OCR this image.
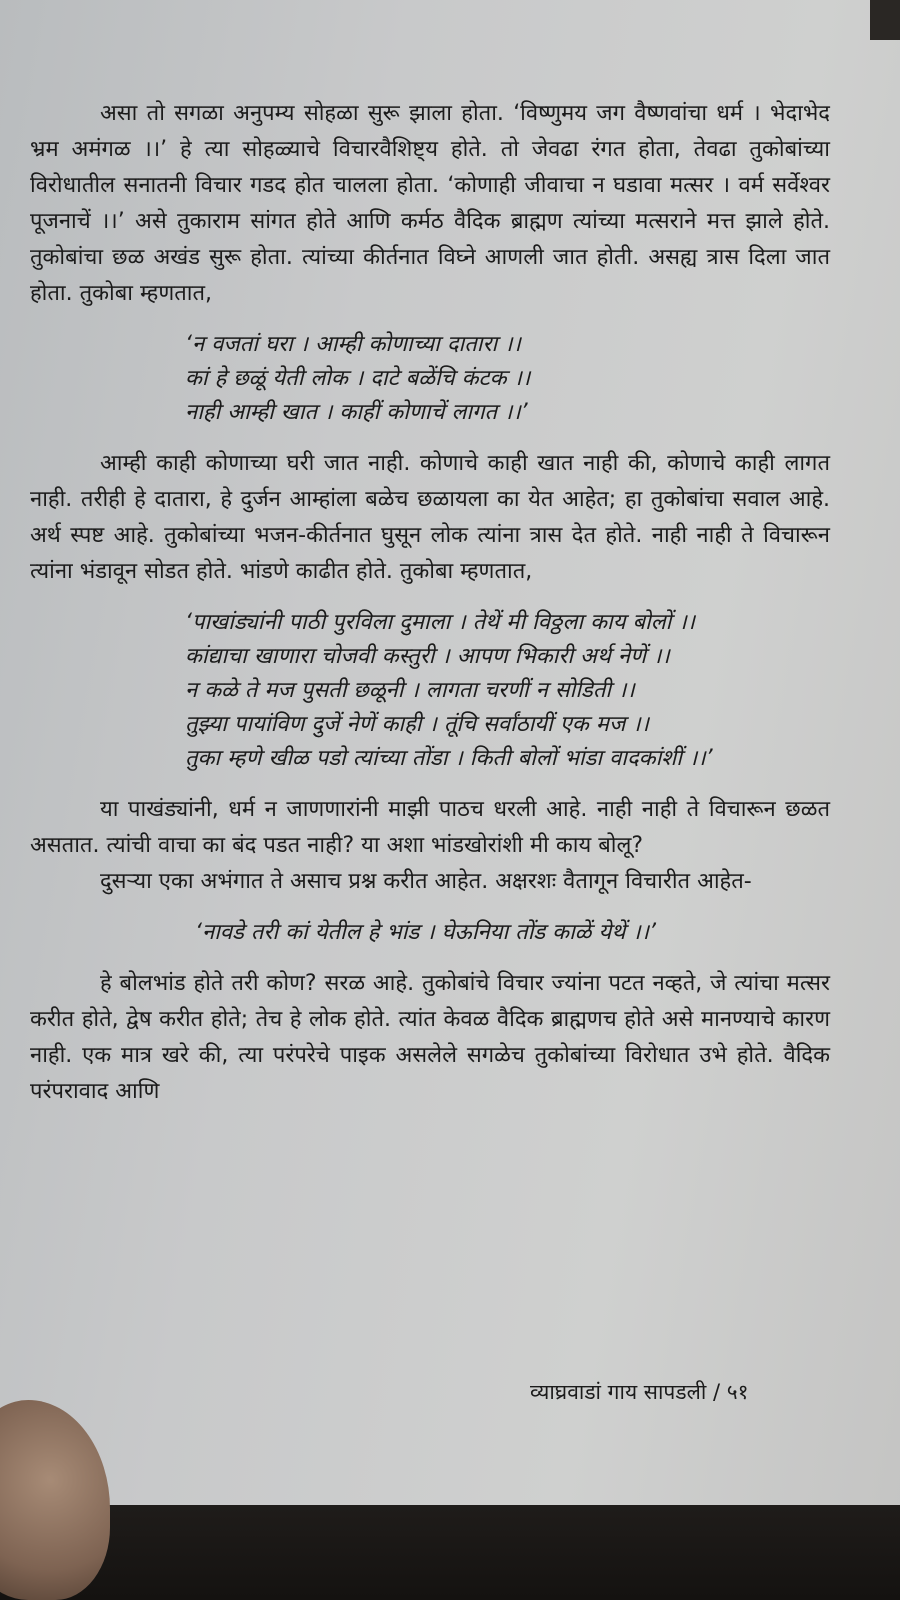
असा तो सगळा अनुपम्य सोहळा सुरू झाला होता. ‘विष्णुमय जग वैष्णवांचा धर्म । भेदाभेद भ्रम अमंगळ ।।’ हे त्या सोहळ्याचे विचारवैशिष्ट्य होते. तो जेवढा रंगत होता, तेवढा तुकोबांच्या विरोधातील सनातनी विचार गडद होत चालला होता. ‘कोणाही जीवाचा न घडावा मत्सर । वर्म सर्वेश्वर पूजनाचें ।।’ असे तुकाराम सांगत होते आणि कर्मठ वैदिक ब्राह्मण त्यांच्या मत्सराने मत्त झाले होते. तुकोबांचा छळ अखंड सुरू होता. त्यांच्या कीर्तनात विघ्ने आणली जात होती. असह्य त्रास दिला जात होता. तुकोबा म्हणतात,

‘न वजतां घरा । आम्ही कोणाच्या दातारा ।।

कां हे छळूं येती लोक । दाटे बळेंचि कंटक ।।

नाही आम्ही खात । काहीं कोणाचें लागत ।।’

आम्ही काही कोणाच्या घरी जात नाही. कोणाचे काही खात नाही की, कोणाचे काही लागत नाही. तरीही हे दातारा, हे दुर्जन आम्हांला बळेच छळायला का येत आहेत; हा तुकोबांचा सवाल आहे. अर्थ स्पष्ट आहे. तुकोबांच्या भजन-कीर्तनात घुसून लोक त्यांना त्रास देत होते. नाही नाही ते विचारून त्यांना भंडावून सोडत होते. भांडणे काढीत होते. तुकोबा म्हणतात,

‘पाखांड्यांनी पाठी पुरविला दुमाला । तेथें मी विठ्ठला काय बोलों ।।

कांद्याचा खाणारा चोजवी कस्तुरी । आपण भिकारी अर्थ नेणें ।।

न कळे ते मज पुसती छळूनी । लागता चरणीं न सोडिती ।।

तुझ्या पायांविण दुजें नेणें काही । तूंचि सर्वांठायीं एक मज ।।

तुका म्हणे खीळ पडो त्यांच्या तोंडा । किती बोलों भांडा वादकांशीं ।।’

या पाखंड्यांनी, धर्म न जाणणारांनी माझी पाठच धरली आहे. नाही नाही ते विचारून छळत असतात. त्यांची वाचा का बंद पडत नाही? या अशा भांडखोरांशी मी काय बोलू?

दुसऱ्या एका अभंगात ते असाच प्रश्न करीत आहेत. अक्षरशः वैतागून विचारीत आहेत-

‘नावडे तरी कां येतील हे भांड । घेऊनिया तोंड काळें येथें ।।’

हे बोलभांड होते तरी कोण? सरळ आहे. तुकोबांचे विचार ज्यांना पटत नव्हते, जे त्यांचा मत्सर करीत होते, द्वेष करीत होते; तेच हे लोक होते. त्यांत केवळ वैदिक ब्राह्मणच होते असे मानण्याचे कारण नाही. एक मात्र खरे की, त्या परंपरेचे पाइक असलेले सगळेच तुकोबांच्या विरोधात उभे होते. वैदिक परंपरावाद आणि

व्याघ्रवाडां गाय सापडली / ५१
